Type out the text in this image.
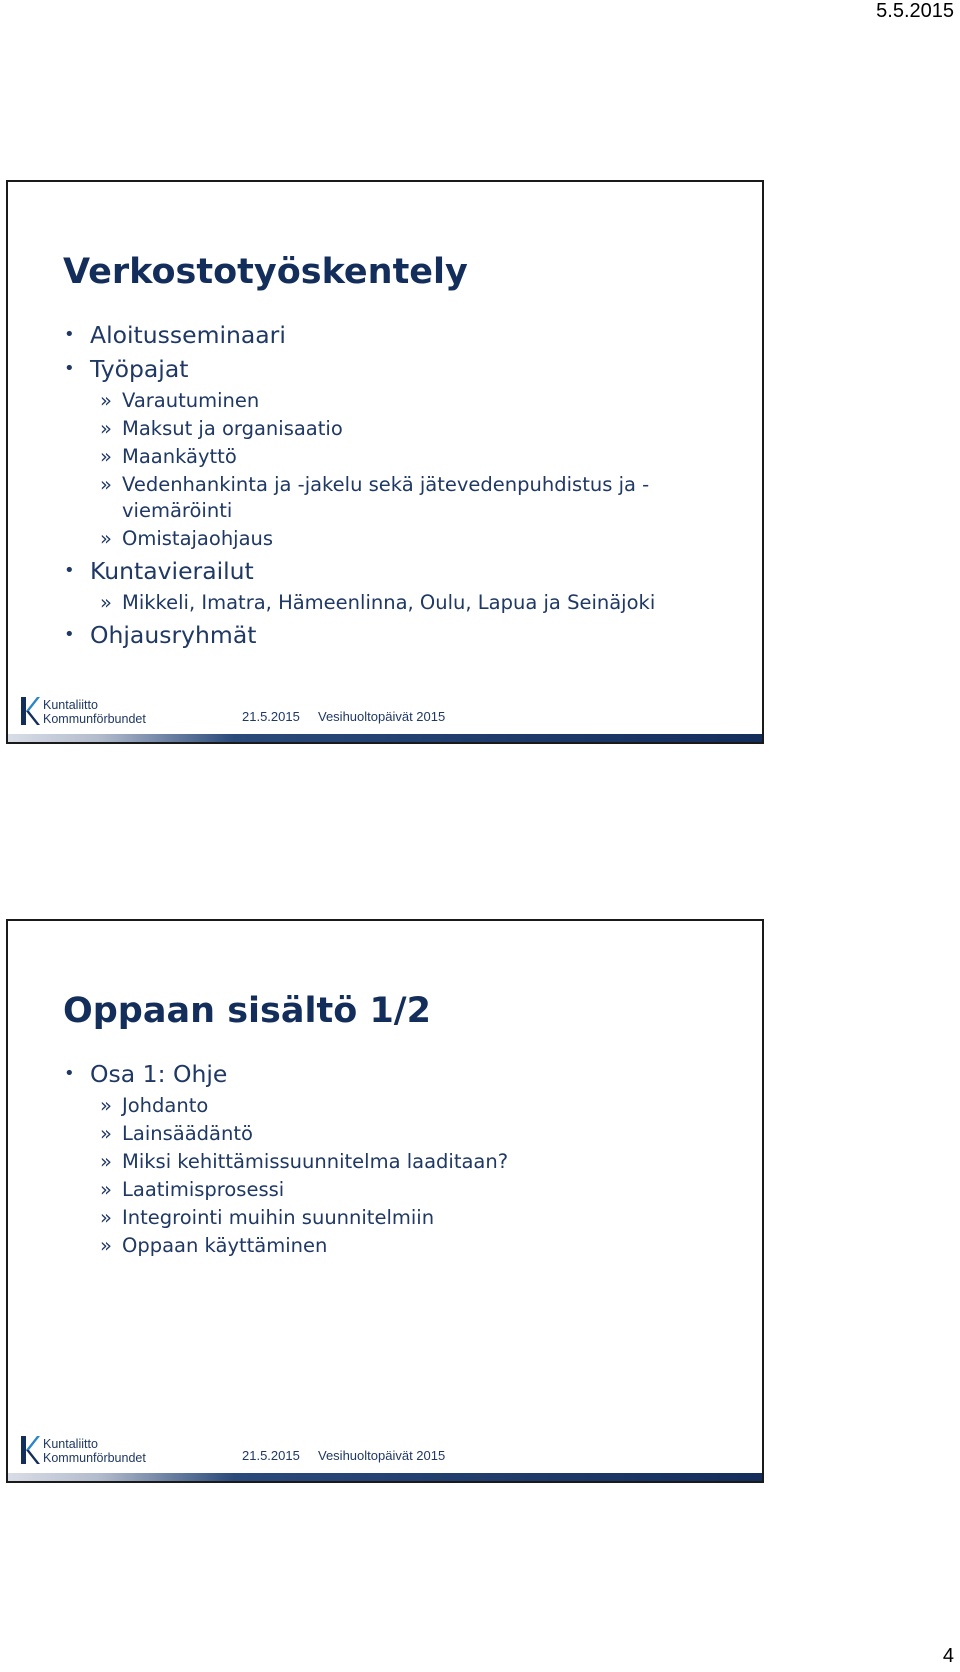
5.5.2015
Verkostotyöskentely
• Aloitusseminaari
• Työpajat
» Varautuminen
» Maksut ja organisaatio
» Maankäyttö
» Vedenhankinta ja -jakelu sekä jätevedenpuhdistus ja - viemäröinti
» Omistajaohjaus
• Kuntavierailut
» Mikkeli, Imatra, Hämeenlinna, Oulu, Lapua ja Seinäjoki
• Ohjausryhmät
Kuntaliitto
Kommunförbundet	21.5.2015 Vesihuoltopäivät 2015
Oppaan sisältö 1/2
• Osa 1: Ohje
» Johdanto
» Lainsäädäntö
» Miksi kehittämissuunnitelma laaditaan?
» Laatimisprosessi
» Integrointi muihin suunnitelmiin
» Oppaan käyttäminen
Kuntaliitto
Kommunförbundet	21.5.2015 Vesihuoltopäivät 2015
4
